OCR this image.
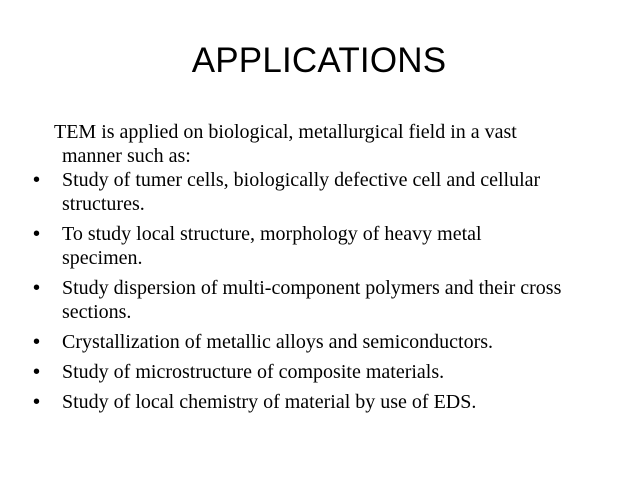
APPLICATIONS
TEM is applied on biological, metallurgical field in a vast
manner such as:
• Study of tumer cells, biologically defective cell and cellular
structures.
• To study local structure, morphology of heavy metal
specimen.
• Study dispersion of multi-component polymers and their cross
sections.
• Crystallization of metallic alloys and semiconductors.
• Study of microstructure of composite materials.
• Study of local chemistry of material by use of EDS.
